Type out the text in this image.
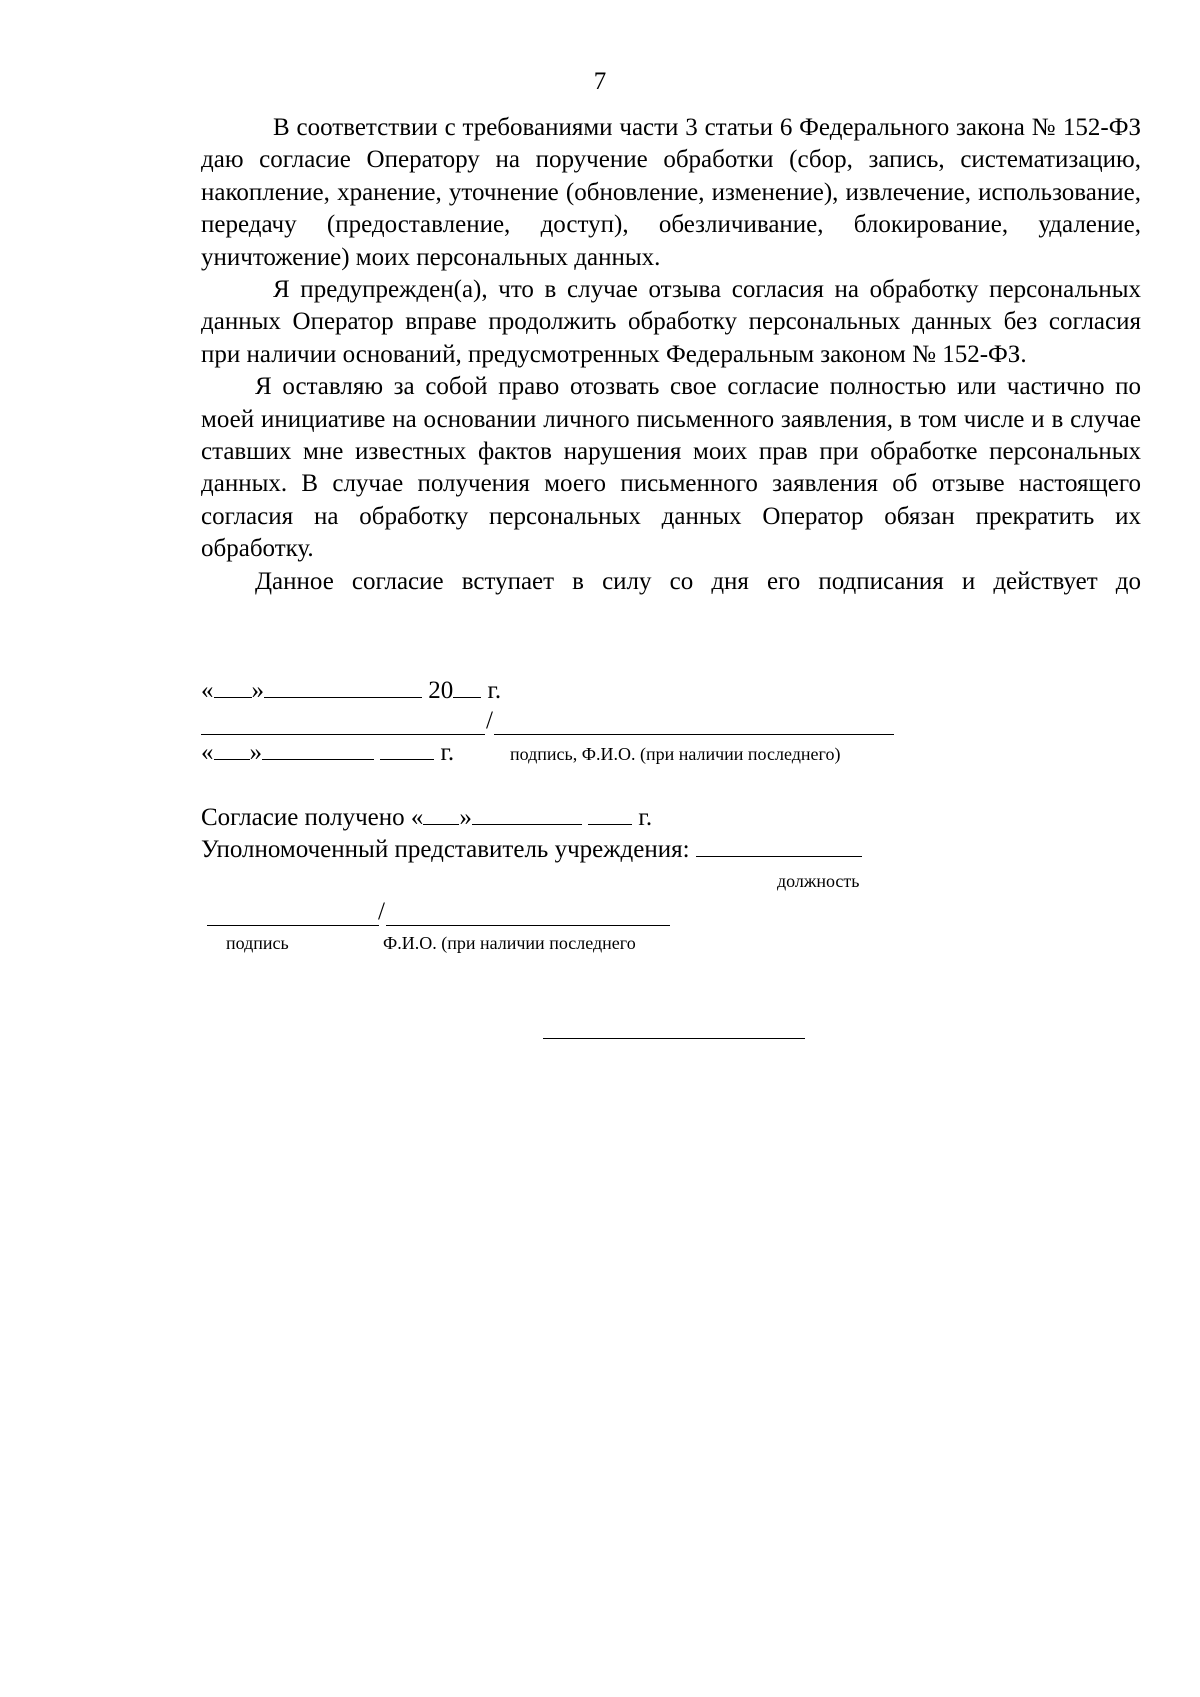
7

В соответствии с требованиями части 3 статьи 6 Федерального закона № 152-ФЗ даю согласие Оператору на поручение обработки (сбор, запись, систематизацию, накопление, хранение, уточнение (обновление, изменение), извлечение, использование, передачу (предоставление, доступ), обезличивание, блокирование, удаление, уничтожение) моих персональных данных.

Я предупрежден(а), что в случае отзыва согласия на обработку персональных данных Оператор вправе продолжить обработку персональных данных без согласия при наличии оснований, предусмотренных Федеральным законом № 152-ФЗ.

Я оставляю за собой право отозвать свое согласие полностью или частично по моей инициативе на основании личного письменного заявления, в том числе и в случае ставших мне известных фактов нарушения моих прав при обработке персональных данных. В случае получения моего письменного заявления об отзыве настоящего согласия на обработку персональных данных Оператор обязан прекратить их обработку.

Данное согласие вступает в силу со дня его подписания и действует до

« »	20 г.
/
« »	г.	подпись, Ф.И.О. (при наличии последнего)
Согласие получено « »	г.
Уполномоченный представитель учреждения:
должность
/
подпись	Ф.И.О. (при наличии последнего
